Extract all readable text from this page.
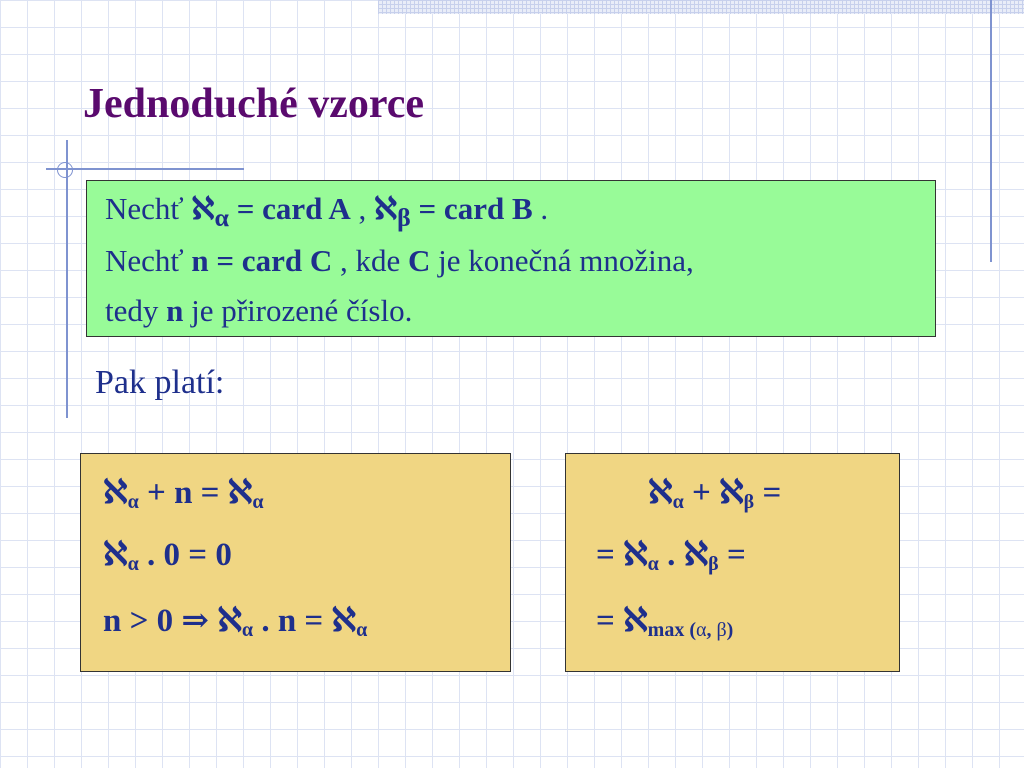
Jednoduché vzorce
Nechť ℵ$_\alpha$ = card A , ℵ$_\beta$ = card B .
Nechť n = card C , kde C je konečná množina,
tedy n je přirozené číslo.
Pak platí:
ℵ$_\alpha$ + n = ℵ$_\alpha$
ℵ$_\alpha$ . 0 = 0
n > 0 ⇒ ℵ$_\alpha$ . n = ℵ$_\alpha$
ℵ$_\alpha$ + ℵ$_\beta$ =
= ℵ$_\alpha$ . ℵ$_\beta$ =
= ℵ$_{max (\alpha, \beta)}$
